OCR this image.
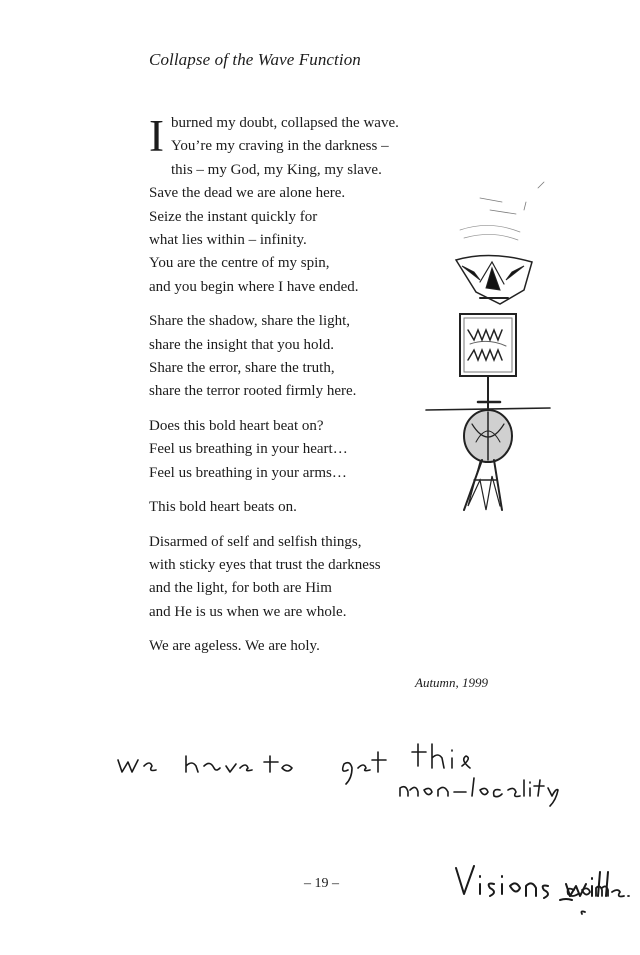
Collapse of the Wave Function
Iburned my doubt, collapsed the wave.
You’re my craving in the darkness –
this – my God, my King, my slave.
Save the dead we are alone here.
Seize the instant quickly for
what lies within – infinity.
You are the centre of my spin,
and you begin where I have ended.
Share the shadow, share the light,
share the insight that you hold.
Share the error, share the truth,
share the terror rooted firmly here.
Does this bold heart beat on?
Feel us breathing in your heart…
Feel us breathing in your arms…
This bold heart beats on.
Disarmed of self and selfish things,
with sticky eyes that trust the darkness
and the light, for both are Him
and He is us when we are whole.
We are ageless. We are holy.
Autumn, 1999
– 19 –
